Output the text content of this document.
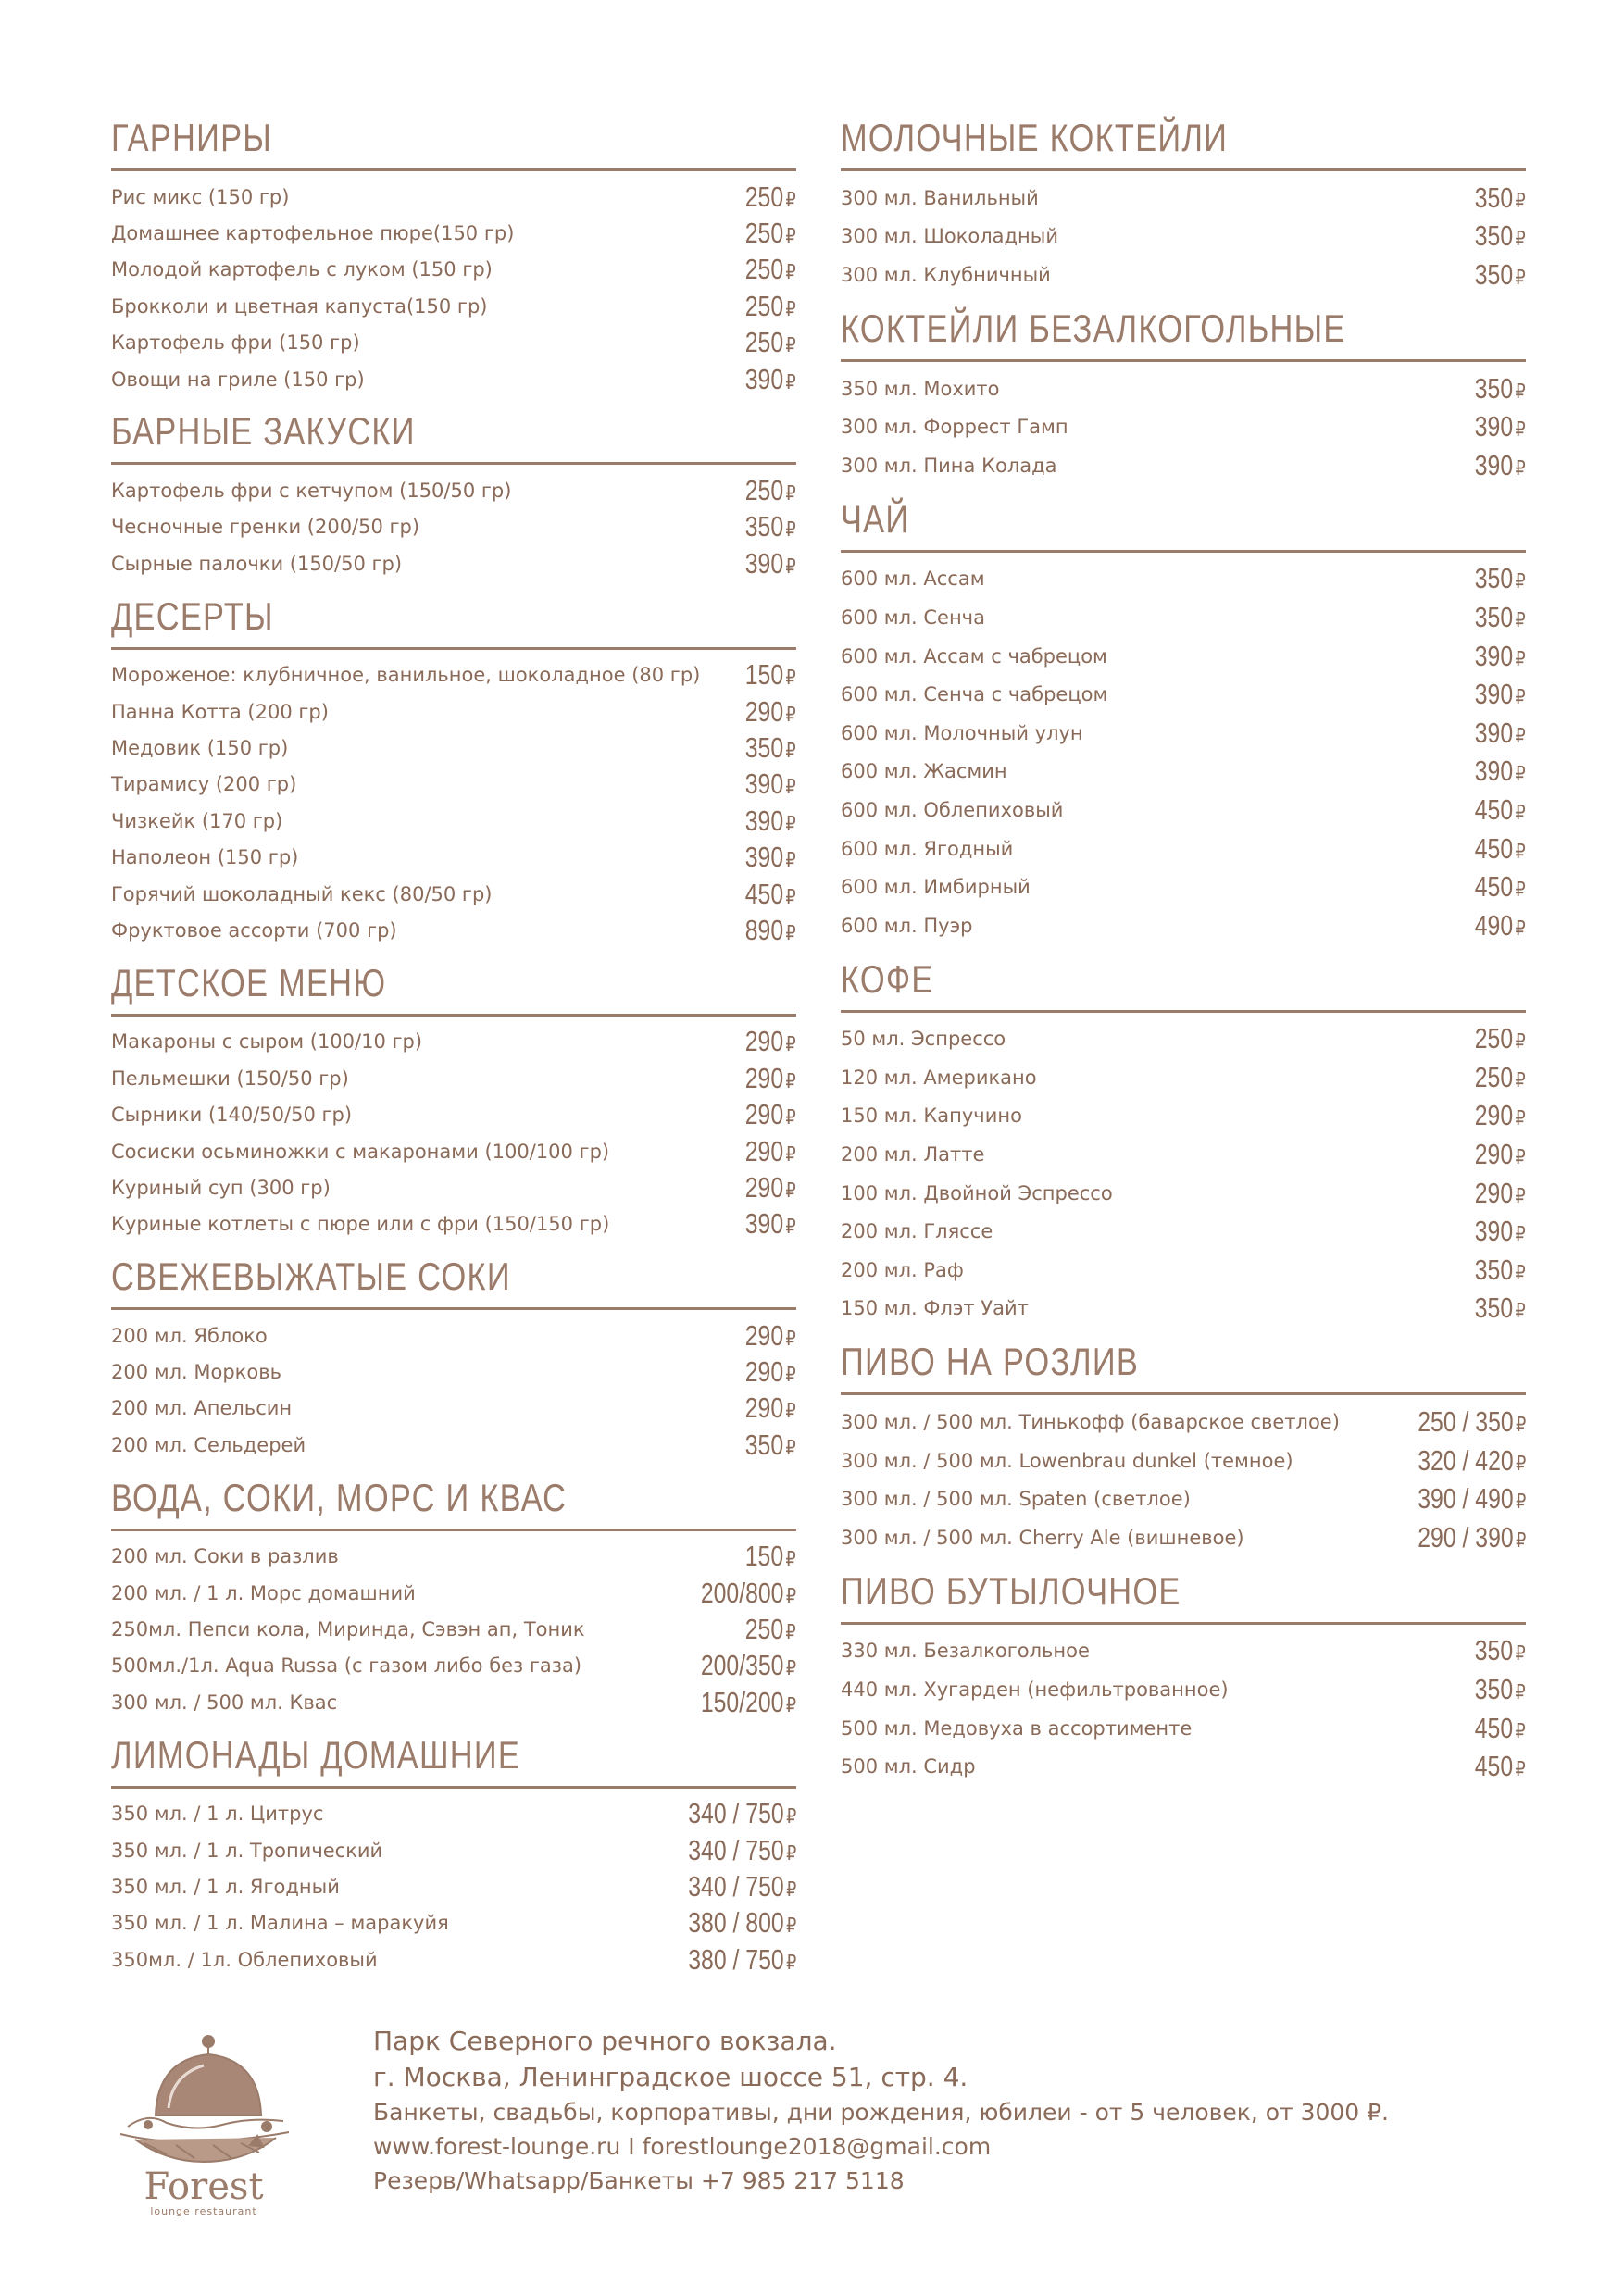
ГАРНИРЫ
Рис микс (150 гр)	250 ₽
Домашнее картофельное пюре(150 гр)	250 ₽
Молодой картофель с луком (150 гр)	250 ₽
Брокколи и цветная капуста(150 гр)	250 ₽
Картофель фри (150 гр)	250 ₽
Овощи на гриле (150 гр)	390 ₽
БАРНЫЕ ЗАКУСКИ
Картофель фри с кетчупом (150/50 гр)	250 ₽
Чесночные гренки (200/50 гр)	350 ₽
Сырные палочки (150/50 гр)	390 ₽
ДЕСЕРТЫ
Мороженое: клубничное, ванильное, шоколадное (80 гр) 150 ₽
Панна Котта (200 гр)	290 ₽
Медовик (150 гр)	350 ₽
Тирамису (200 гр)	390 ₽
Чизкейк (170 гр)	390 ₽
Наполеон (150 гр)	390 ₽
Горячий шоколадный кекс (80/50 гр)	450 ₽
Фруктовое ассорти (700 гр)	890 ₽
ДЕТСКОЕ МЕНЮ
Макароны с сыром (100/10 гр)	290 ₽
Пельмешки (150/50 гр)	290 ₽
Сырники (140/50/50 гр)	290 ₽
Сосиски осьминожки с макаронами (100/100 гр)	290 ₽
Куриный суп (300 гр)	290 ₽
Куриные котлеты с пюре или с фри (150/150 гр)	390 ₽
СВЕЖЕВЫЖАТЫЕ СОКИ
200 мл. Яблоко	290 ₽
200 мл. Морковь	290 ₽
200 мл. Апельсин	290 ₽
200 мл. Сельдерей	350 ₽
ВОДА, СОКИ, МОРС И КВАС
200 мл. Соки в разлив	150 ₽
200 мл. / 1 л. Морс домашний	200/800 ₽
250мл. Пепси кола, Миринда, Сэвэн ап, Тоник	250 ₽
500мл./1л. Aqua Russa (с газом либо без газа)	200/350 ₽
300 мл. / 500 мл. Квас	150/200 ₽
ЛИМОНАДЫ ДОМАШНИЕ
350 мл. / 1 л. Цитрус	340 / 750 ₽
350 мл. / 1 л. Тропический	340 / 750 ₽
350 мл. / 1 л. Ягодный	340 / 750 ₽
350 мл. / 1 л. Малина – маракуйя	380 / 800 ₽
350мл. / 1л. Облепиховый	380 / 750 ₽
МОЛОЧНЫЕ КОКТЕЙЛИ
300 мл. Ванильный	350 ₽
300 мл. Шоколадный	350 ₽
300 мл. Клубничный	350 ₽
КОКТЕЙЛИ БЕЗАЛКОГОЛЬНЫЕ
350 мл. Мохито	350 ₽
300 мл. Форрест Гамп	390 ₽
300 мл. Пина Колада	390 ₽
ЧАЙ
600 мл. Ассам	350 ₽
600 мл. Сенча	350 ₽
600 мл. Ассам с чабрецом	390 ₽
600 мл. Сенча с чабрецом	390 ₽
600 мл. Молочный улун	390 ₽
600 мл. Жасмин	390 ₽
600 мл. Облепиховый	450 ₽
600 мл. Ягодный	450 ₽
600 мл. Имбирный	450 ₽
600 мл. Пуэр	490 ₽
КОФЕ
50 мл. Эспрессо	250 ₽
120 мл. Американо	250 ₽
150 мл. Капучино	290 ₽
200 мл. Латте	290 ₽
100 мл. Двойной Эспрессо	290 ₽
200 мл. Гляссе	390 ₽
200 мл. Раф	350 ₽
150 мл. Флэт Уайт	350 ₽
ПИВО НА РОЗЛИВ
300 мл. / 500 мл. Тинькофф (баварское светлое)	250 / 350 ₽
300 мл. / 500 мл. Lowenbrau dunkel (темное)	320 / 420 ₽
300 мл. / 500 мл. Spaten (светлое)	390 / 490 ₽
300 мл. / 500 мл. Cherry Ale (вишневое)	290 / 390 ₽
ПИВО БУТЫЛОЧНОЕ
330 мл. Безалкогольное	350 ₽
440 мл. Хугарден (нефильтрованное)	350 ₽
500 мл. Медовуха в ассортименте	450 ₽
500 мл. Сидр	450 ₽
Forest
lounge restaurant
Парк Северного речного вокзала.
г. Москва, Ленинградское шоссе 51, стр. 4.
Банкеты, свадьбы, корпоративы, дни рождения, юбилеи - от 5 человек, от 3000 ₽.
www.forest-lounge.ru I forestlounge2018@gmail.com
Резерв/Whatsapp/Банкеты +7 985 217 5118
